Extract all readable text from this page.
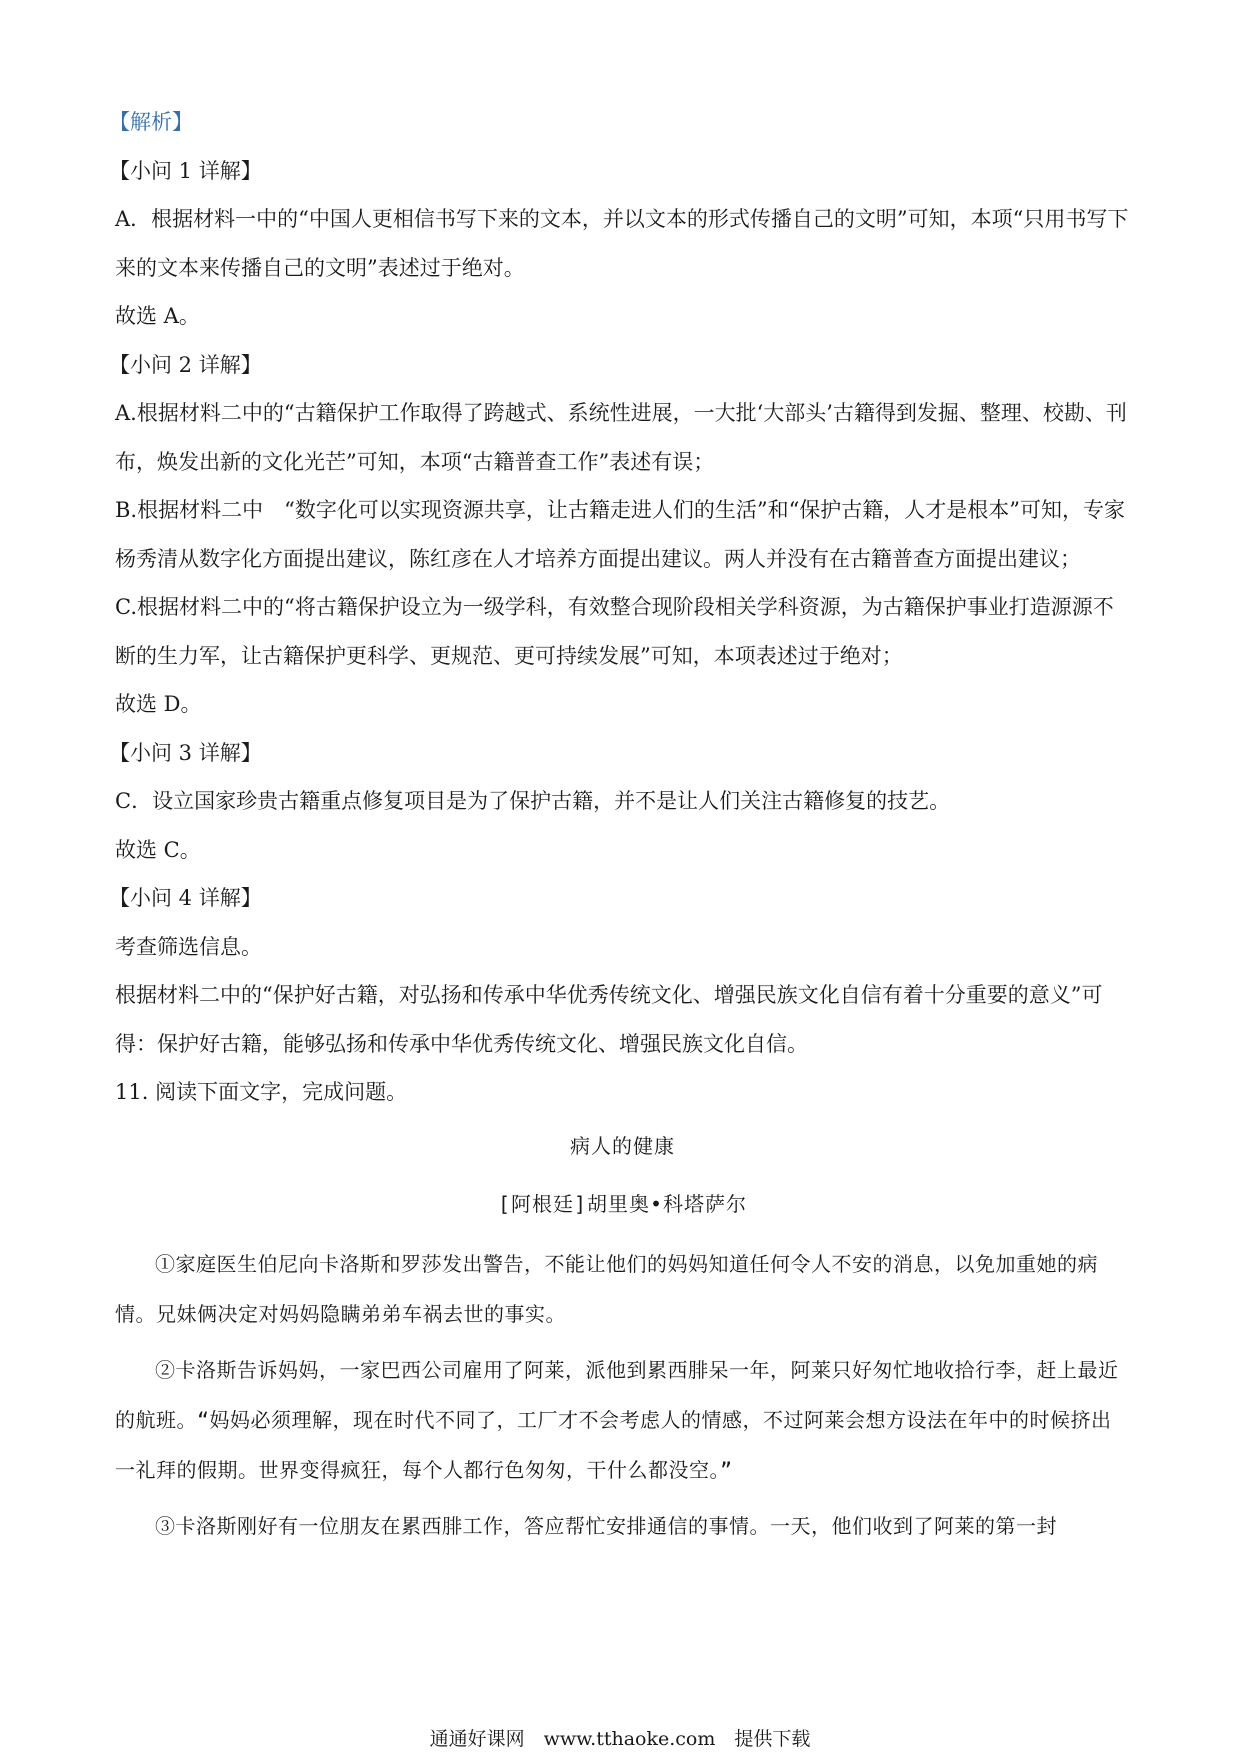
【解析】

【小问 1 详解】

A．根据材料一中的“中国人更相信书写下来的文本，并以文本的形式传播自己的文明”可知，本项“只用书写下来的文本来传播自己的文明”表述过于绝对。

故选 A。

【小问 2 详解】

A.根据材料二中的“古籍保护工作取得了跨越式、系统性进展，一大批‘大部头’古籍得到发掘、整理、校勘、刊布，焕发出新的文化光芒”可知，本项“古籍普查工作”表述有误；

B.根据材料二中　“数字化可以实现资源共享，让古籍走进人们的生活”和“保护古籍，人才是根本”可知，专家杨秀清从数字化方面提出建议，陈红彦在人才培养方面提出建议。两人并没有在古籍普查方面提出建议；

C.根据材料二中的“将古籍保护设立为一级学科，有效整合现阶段相关学科资源，为古籍保护事业打造源源不断的生力军，让古籍保护更科学、更规范、更可持续发展”可知，本项表述过于绝对；

故选 D。

【小问 3 详解】

C．设立国家珍贵古籍重点修复项目是为了保护古籍，并不是让人们关注古籍修复的技艺。

故选 C。

【小问 4 详解】

考查筛选信息。

根据材料二中的“保护好古籍，对弘扬和传承中华优秀传统文化、增强民族文化自信有着十分重要的意义”可得：保护好古籍，能够弘扬和传承中华优秀传统文化、增强民族文化自信。

11. 阅读下面文字，完成问题。

病人的健康

[阿根廷]胡里奥•科塔萨尔

①家庭医生伯尼向卡洛斯和罗莎发出警告，不能让他们的妈妈知道任何令人不安的消息，以免加重她的病情。兄妹俩决定对妈妈隐瞒弟弟车祸去世的事实。

②卡洛斯告诉妈妈，一家巴西公司雇用了阿莱，派他到累西腓呆一年，阿莱只好匆忙地收拾行李，赶上最近的航班。“妈妈必须理解，现在时代不同了，工厂才不会考虑人的情感，不过阿莱会想方设法在年中的时候挤出一礼拜的假期。世界变得疯狂，每个人都行色匆匆，干什么都没空。”

③卡洛斯刚好有一位朋友在累西腓工作，答应帮忙安排通信的事情。一天，他们收到了阿莱的第一封

通通好课网　www.tthaoke.com　提供下载
